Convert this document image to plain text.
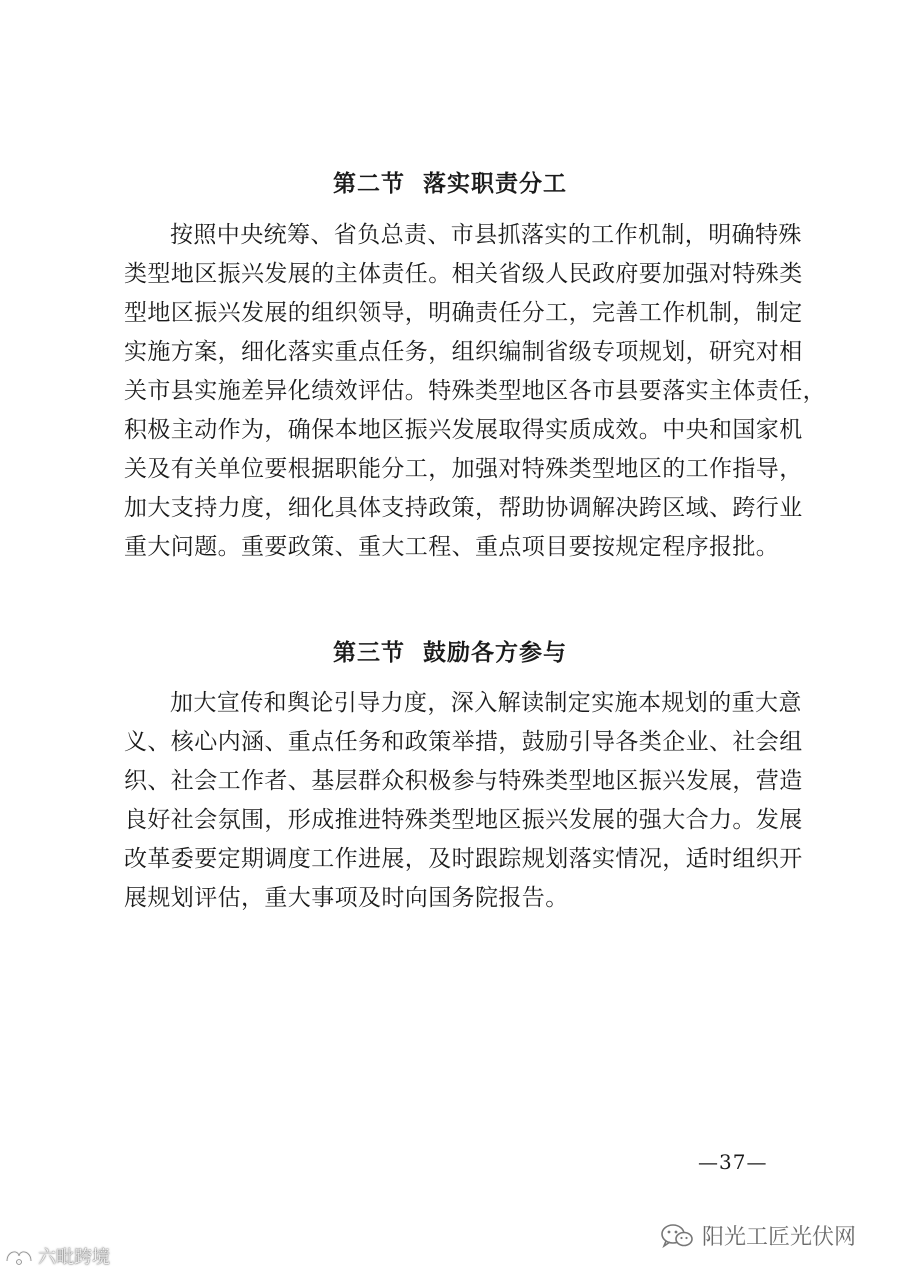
第二节  落实职责分工
按照中央统筹、省负总责、市县抓落实的工作机制，明确特殊
类型地区振兴发展的主体责任。相关省级人民政府要加强对特殊类
型地区振兴发展的组织领导，明确责任分工，完善工作机制，制定
实施方案，细化落实重点任务，组织编制省级专项规划，研究对相
关市县实施差异化绩效评估。特殊类型地区各市县要落实主体责任，
积极主动作为，确保本地区振兴发展取得实质成效。中央和国家机
关及有关单位要根据职能分工，加强对特殊类型地区的工作指导，
加大支持力度，细化具体支持政策，帮助协调解决跨区域、跨行业
重大问题。重要政策、重大工程、重点项目要按规定程序报批。
第三节  鼓励各方参与
加大宣传和舆论引导力度，深入解读制定实施本规划的重大意
义、核心内涵、重点任务和政策举措，鼓励引导各类企业、社会组
织、社会工作者、基层群众积极参与特殊类型地区振兴发展，营造
良好社会氛围，形成推进特殊类型地区振兴发展的强大合力。发展
改革委要定期调度工作进展，及时跟踪规划落实情况，适时组织开
展规划评估，重大事项及时向国务院报告。
—37—
阳光工匠光伏网
六毗跨境
